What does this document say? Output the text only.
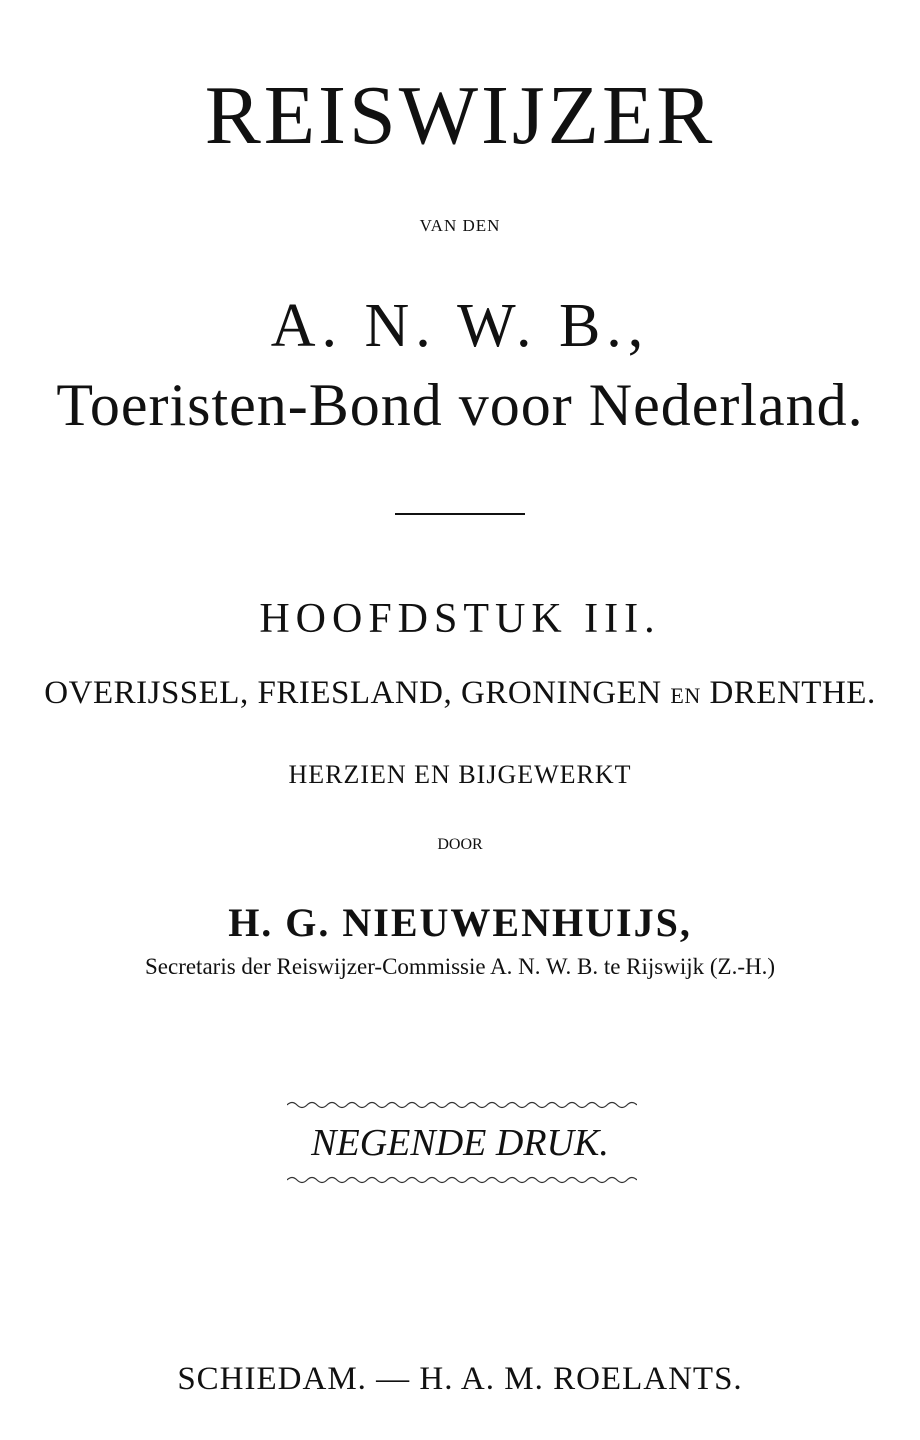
REISWIJZER
VAN DEN
A. N. W. B.,
Toeristen-Bond voor Nederland.
HOOFDSTUK III.
OVERIJSSEL, FRIESLAND, GRONINGEN EN DRENTHE.
HERZIEN EN BIJGEWERKT
DOOR
H. G. NIEUWENHUIJS,
Secretaris der Reiswijzer-Commissie A. N. W. B. te Rijswijk (Z.-H.)
NEGENDE DRUK.
SCHIEDAM. — H. A. M. ROELANTS.
